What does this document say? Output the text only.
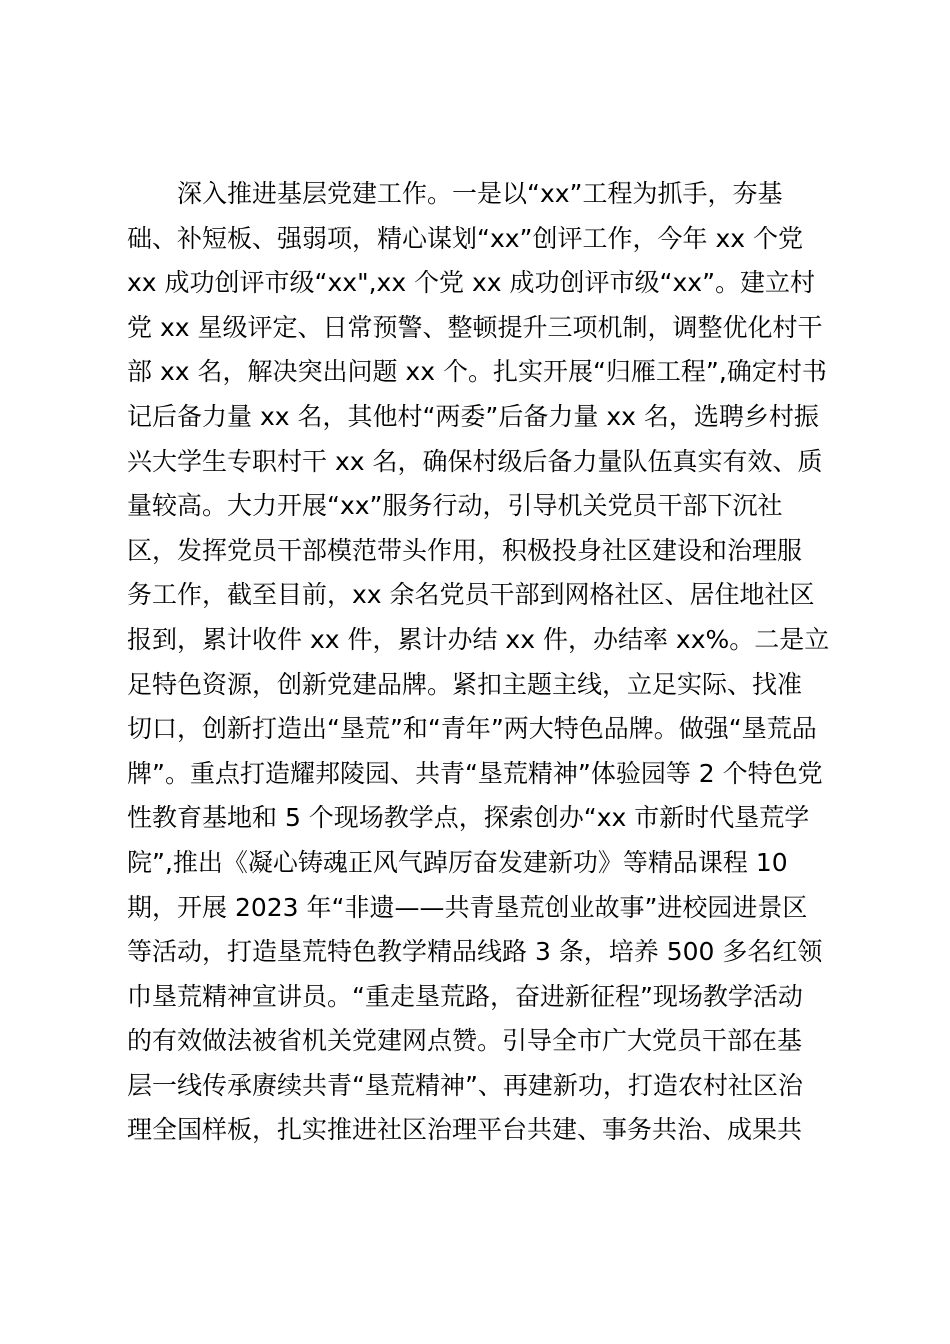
深入推进基层党建工作。一是以“xx”工程为抓手，夯基
础、补短板、强弱项，精心谋划“xx”创评工作，今年 xx 个党
xx 成功创评市级“xx",xx 个党 xx 成功创评市级“xx”。建立村
党 xx 星级评定、日常预警、整顿提升三项机制，调整优化村干
部 xx 名，解决突出问题 xx 个。扎实开展“归雁工程”,确定村书
记后备力量 xx 名，其他村“两委”后备力量 xx 名，选聘乡村振
兴大学生专职村干 xx 名，确保村级后备力量队伍真实有效、质
量较高。大力开展“xx”服务行动，引导机关党员干部下沉社
区，发挥党员干部模范带头作用，积极投身社区建设和治理服
务工作，截至目前，xx 余名党员干部到网格社区、居住地社区
报到，累计收件 xx 件，累计办结 xx 件，办结率 xx%。二是立
足特色资源，创新党建品牌。紧扣主题主线，立足实际、找准
切口，创新打造出“垦荒”和“青年”两大特色品牌。做强“垦荒品
牌”。重点打造耀邦陵园、共青“垦荒精神”体验园等 2 个特色党
性教育基地和 5 个现场教学点，探索创办“xx 市新时代垦荒学
院”,推出《凝心铸魂正风气踔厉奋发建新功》等精品课程 10
期，开展 2023 年“非遗——共青垦荒创业故事”进校园进景区
等活动，打造垦荒特色教学精品线路 3 条，培养 500 多名红领
巾垦荒精神宣讲员。“重走垦荒路，奋进新征程”现场教学活动
的有效做法被省机关党建网点赞。引导全市广大党员干部在基
层一线传承赓续共青“垦荒精神”、再建新功，打造农村社区治
理全国样板，扎实推进社区治理平台共建、事务共治、成果共
